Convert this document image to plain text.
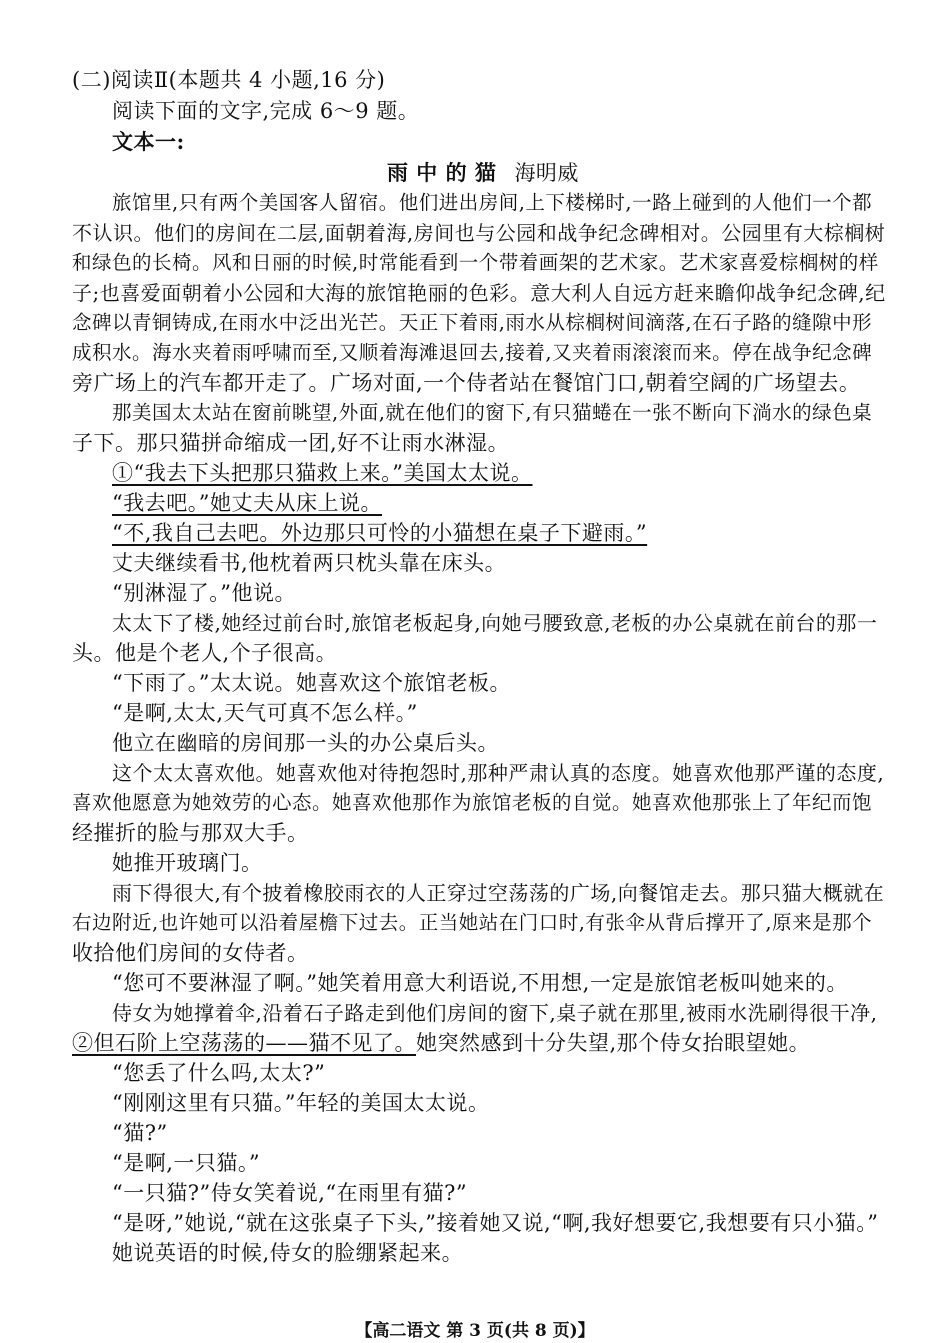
(二)阅读Ⅱ(本题共 4 小题,16 分)
阅读下面的文字,完成 6～9 题。
文本一:
雨 中 的 猫 海明威
旅馆里,只有两个美国客人留宿。他们进出房间,上下楼梯时,一路上碰到的人他们一个都
不认识。他们的房间在二层,面朝着海,房间也与公园和战争纪念碑相对。公园里有大棕榈树
和绿色的长椅。风和日丽的时候,时常能看到一个带着画架的艺术家。艺术家喜爱棕榈树的样
子;也喜爱面朝着小公园和大海的旅馆艳丽的色彩。意大利人自远方赶来瞻仰战争纪念碑,纪
念碑以青铜铸成,在雨水中泛出光芒。天正下着雨,雨水从棕榈树间滴落,在石子路的缝隙中形
成积水。海水夹着雨呼啸而至,又顺着海滩退回去,接着,又夹着雨滚滚而来。停在战争纪念碑
旁广场上的汽车都开走了。广场对面,一个侍者站在餐馆门口,朝着空阔的广场望去。
那美国太太站在窗前眺望,外面,就在他们的窗下,有只猫蜷在一张不断向下淌水的绿色桌
子下。那只猫拼命缩成一团,好不让雨水淋湿。
①“我去下头把那只猫救上来。”美国太太说。
“我去吧。”她丈夫从床上说。
“不,我自己去吧。外边那只可怜的小猫想在桌子下避雨。”
丈夫继续看书,他枕着两只枕头靠在床头。
“别淋湿了。”他说。
太太下了楼,她经过前台时,旅馆老板起身,向她弓腰致意,老板的办公桌就在前台的那一
头。他是个老人,个子很高。
“下雨了。”太太说。她喜欢这个旅馆老板。
“是啊,太太,天气可真不怎么样。”
他立在幽暗的房间那一头的办公桌后头。
这个太太喜欢他。她喜欢他对待抱怨时,那种严肃认真的态度。她喜欢他那严谨的态度,
喜欢他愿意为她效劳的心态。她喜欢他那作为旅馆老板的自觉。她喜欢他那张上了年纪而饱
经摧折的脸与那双大手。
她推开玻璃门。
雨下得很大,有个披着橡胶雨衣的人正穿过空荡荡的广场,向餐馆走去。那只猫大概就在
右边附近,也许她可以沿着屋檐下过去。正当她站在门口时,有张伞从背后撑开了,原来是那个
收拾他们房间的女侍者。
“您可不要淋湿了啊。”她笑着用意大利语说,不用想,一定是旅馆老板叫她来的。
侍女为她撑着伞,沿着石子路走到他们房间的窗下,桌子就在那里,被雨水洗刷得很干净,
②但石阶上空荡荡的——猫不见了。她突然感到十分失望,那个侍女抬眼望她。
“您丢了什么吗,太太?”
“刚刚这里有只猫。”年轻的美国太太说。
“猫?”
“是啊,一只猫。”
“一只猫?”侍女笑着说,“在雨里有猫?”
“是呀,”她说,“就在这张桌子下头,”接着她又说,“啊,我好想要它,我想要有只小猫。”
她说英语的时候,侍女的脸绷紧起来。
【高二语文 第 3 页(共 8 页)】
